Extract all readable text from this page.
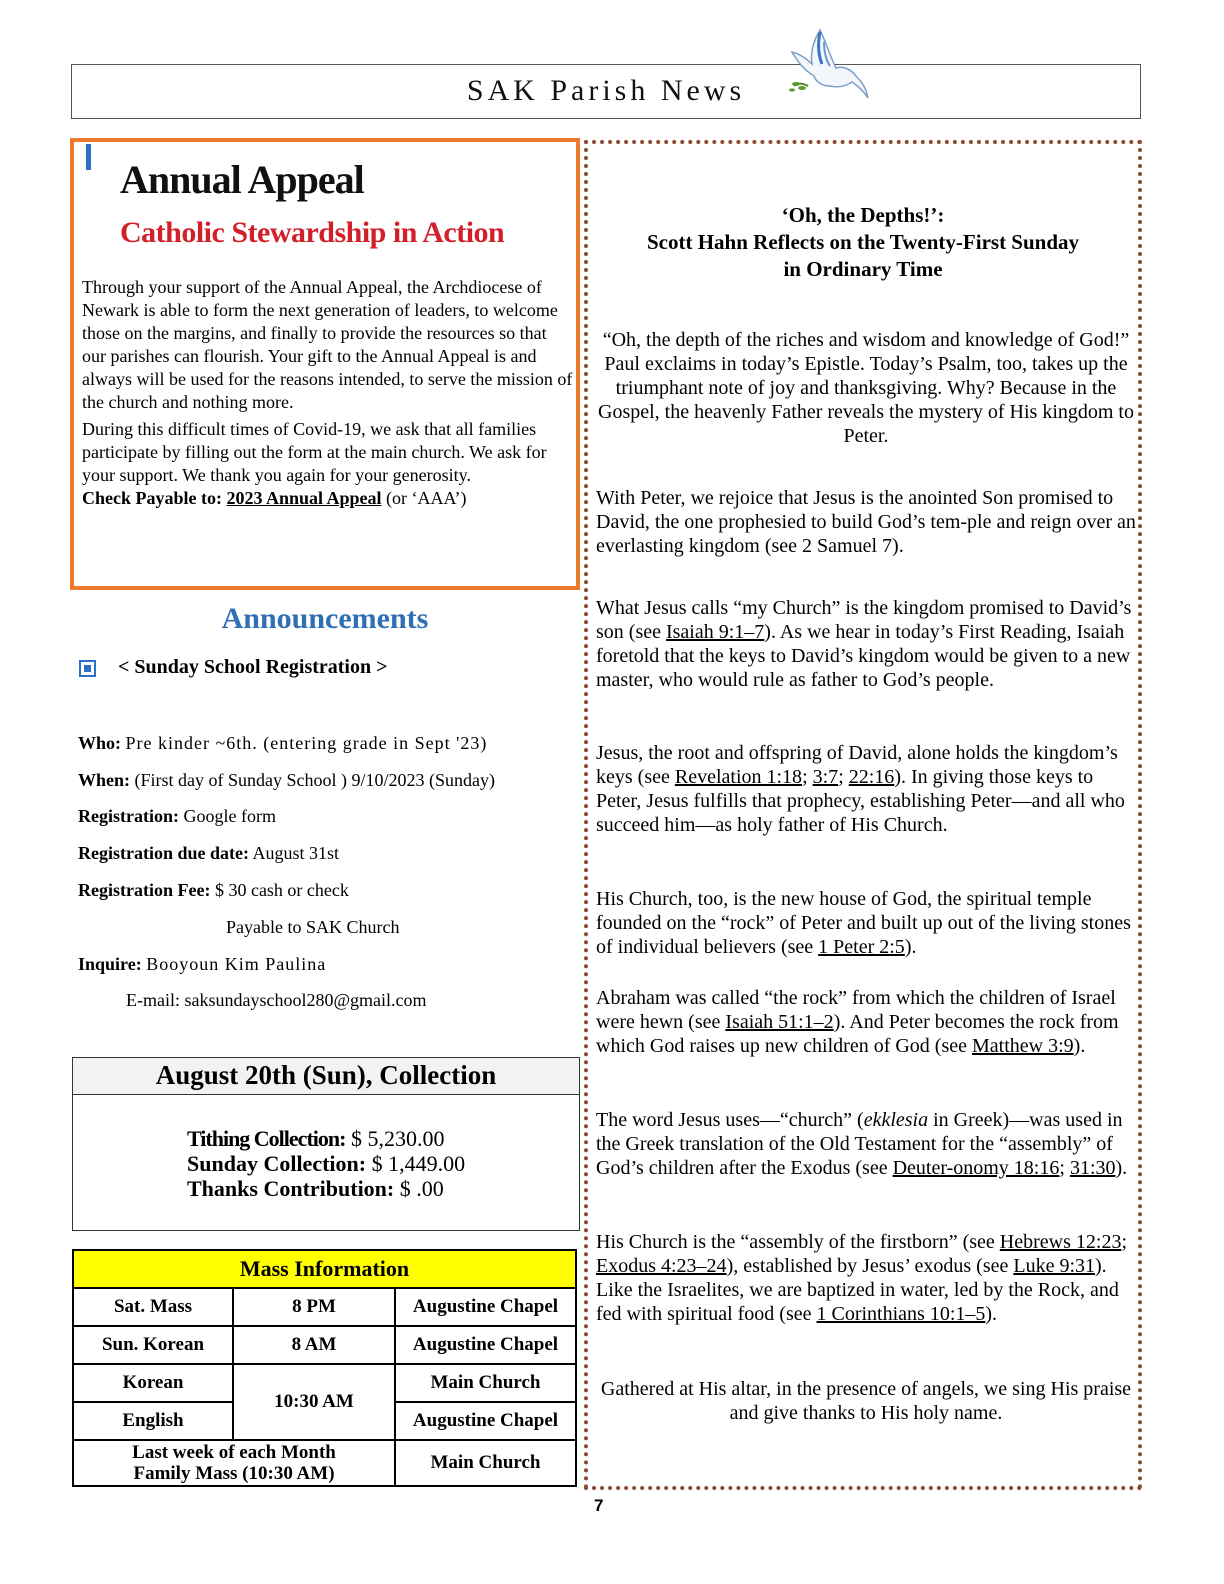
SAK Parish News
Annual Appeal
Catholic Stewardship in Action

Through your support of the Annual Appeal, the Archdiocese of Newark is able to form the next generation of leaders, to welcome those on the margins, and finally to provide the resources so that our parishes can flourish. Your gift to the Annual Appeal is and always will be used for the reasons intended, to serve the mission of the church and nothing more.

During this difficult times of Covid-19, we ask that all families participate by filling out the form at the main church. We ask for your support. We thank you again for your generosity.

Check Payable to: 2023 Annual Appeal (or ‘AAA’)

Announcements
< Sunday School Registration >
Who: Pre kinder ~6th. (entering grade in Sept '23)
When: (First day of Sunday School ) 9/10/2023 (Sunday)
Registration: Google form
Registration due date: August 31st
Registration Fee: $ 30 cash or check
Payable to SAK Church
Inquire: Booyoun Kim Paulina
E-mail: saksundayschool280@gmail.com
August 20th (Sun), Collection
Tithing Collection: $ 5,230.00
Sunday Collection: $ 1,449.00
Thanks Contribution: $ .00
Mass Information		
Sat. Mass	8 PM	Augustine Chapel
Sun. Korean	8 AM	Augustine Chapel
Korean	10:30 AM	Main Church
English		Augustine Chapel

Last week of each Month
Family Mass (10:30 AM)		Main Church
‘Oh, the Depths!’:
Scott Hahn Reflects on the Twenty-First Sunday
in Ordinary Time
“Oh, the depth of the riches and wisdom and knowledge of God!” Paul exclaims in today’s Epistle. Today’s Psalm, too, takes up the triumphant note of joy and thanksgiving. Why? Because in the Gospel, the heavenly Father reveals the mystery of His kingdom to Peter.
With Peter, we rejoice that Jesus is the anointed Son promised to David, the one prophesied to build God’s tem-ple and reign over an everlasting kingdom (see 2 Samuel 7).
What Jesus calls “my Church” is the kingdom promised to David’s son (see Isaiah 9:1–7). As we hear in today’s First Reading, Isaiah foretold that the keys to David’s kingdom would be given to a new master, who would rule as father to God’s people.
Jesus, the root and offspring of David, alone holds the kingdom’s keys (see Revelation 1:18; 3:7; 22:16). In giving those keys to Peter, Jesus fulfills that prophecy, establishing Peter—and all who succeed him—as holy father of His Church.
His Church, too, is the new house of God, the spiritual temple founded on the “rock” of Peter and built up out of the living stones of individual believers (see 1 Peter 2:5).
Abraham was called “the rock” from which the children of Israel were hewn (see Isaiah 51:1–2). And Peter becomes the rock from which God raises up new children of God (see Matthew 3:9).
The word Jesus uses—“church” (ekklesia in Greek)—was used in the Greek translation of the Old Testament for the “assembly” of God’s children after the Exodus (see Deuter-onomy 18:16; 31:30).
His Church is the “assembly of the firstborn” (see Hebrews 12:23; Exodus 4:23–24), established by Jesus’ exodus (see Luke 9:31). Like the Israelites, we are baptized in water, led by the Rock, and fed with spiritual food (see 1 Corinthians 10:1–5).
Gathered at His altar, in the presence of angels, we sing His praise and give thanks to His holy name.
7
